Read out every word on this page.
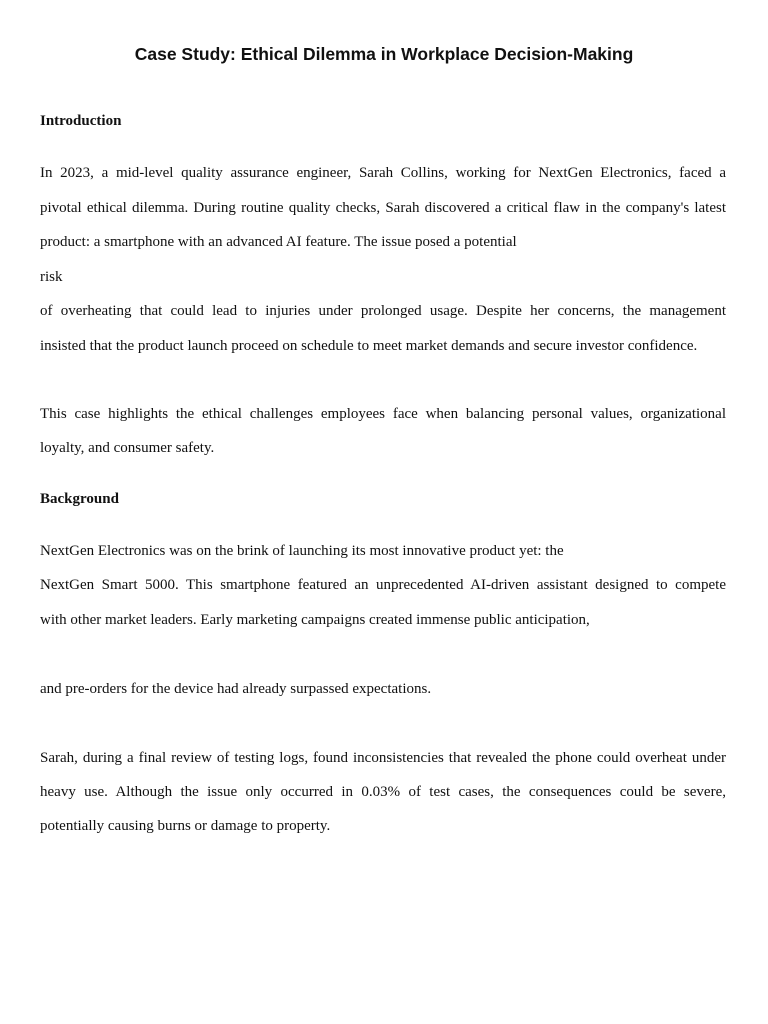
Case Study: Ethical Dilemma in Workplace Decision-Making
Introduction

In 2023, a mid-level quality assurance engineer, Sarah Collins, working for NextGen Electronics, faced a

pivotal ethical dilemma. During routine quality checks, Sarah discovered a critical flaw in the company's latest

product: a smartphone with an advanced AI feature. The issue posed a potential

risk

of overheating that could lead to injuries under prolonged usage. Despite her concerns, the management

insisted that the product launch proceed on schedule to meet market demands and secure investor confidence.

This case highlights the ethical challenges employees face when balancing personal values, organizational

loyalty, and consumer safety.

Background

NextGen Electronics was on the brink of launching its most innovative product yet: the

NextGen Smart 5000. This smartphone featured an unprecedented AI-driven assistant designed to compete

with other market leaders. Early marketing campaigns created immense public anticipation,

and pre-orders for the device had already surpassed expectations.

Sarah, during a final review of testing logs, found inconsistencies that revealed the phone could overheat under

heavy use. Although the issue only occurred in 0.03% of test cases, the consequences could be severe,

potentially causing burns or damage to property.
